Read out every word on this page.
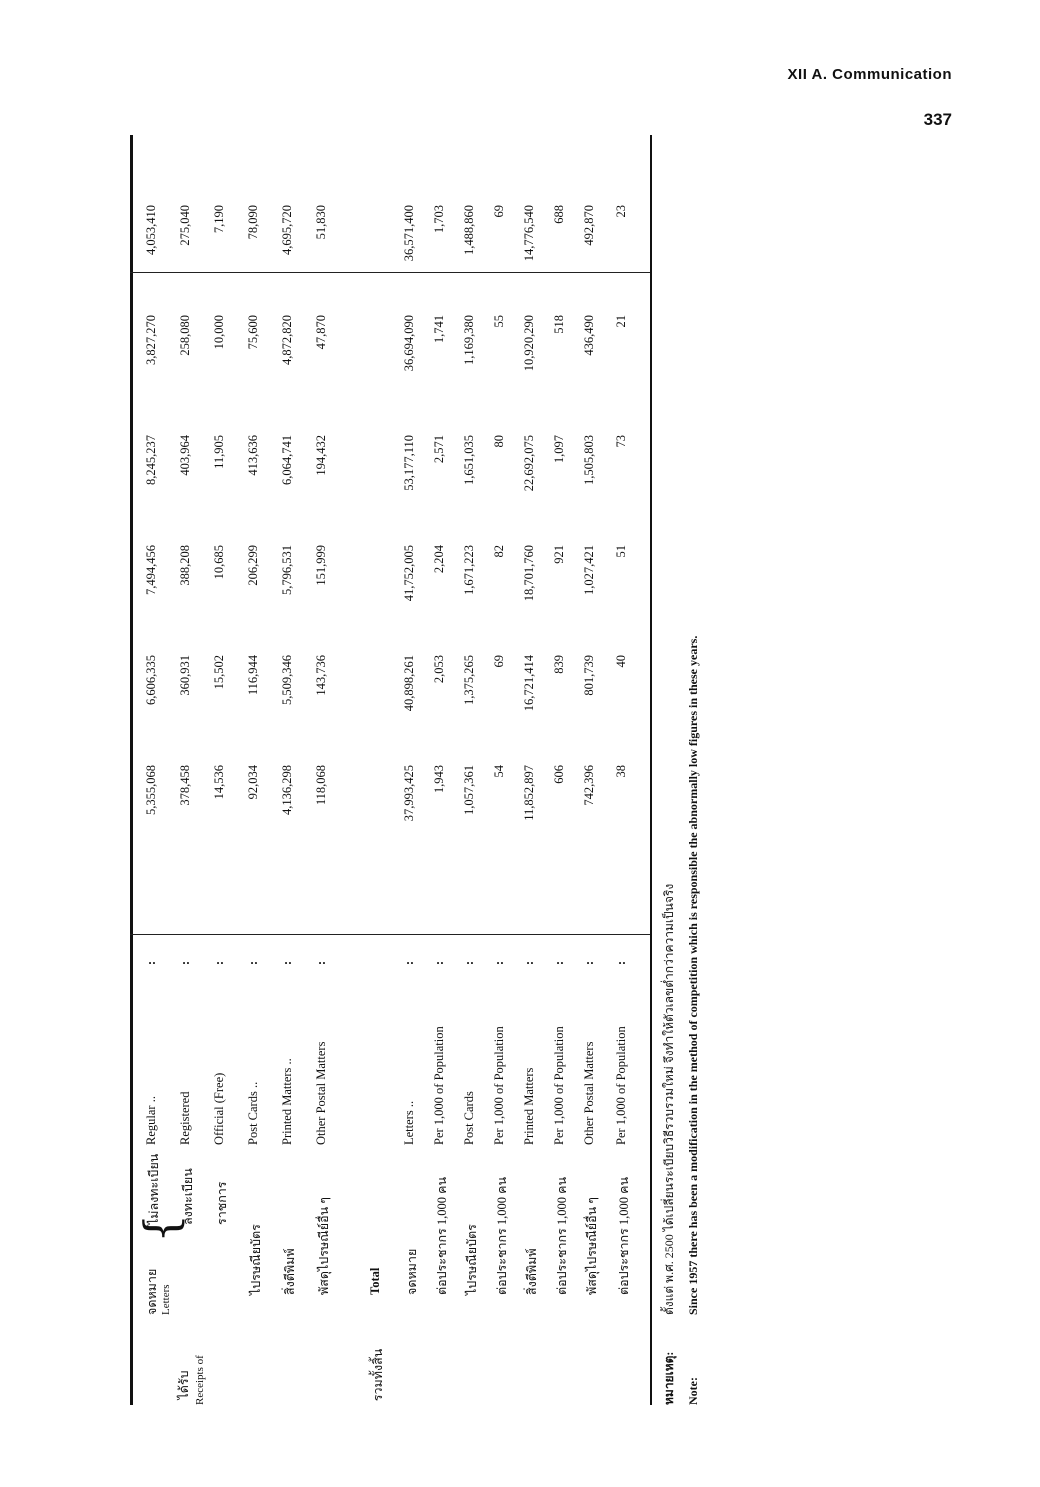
XII A. Communication
337
ได้รับ Receipts of	รวมทั้งสิ้น
จดหมาย Letters
{
ไม่ลงทะเบียน
Regular ..
5,355,068
6,606,335
7,494,456
8,245,237
3,827,270
4,053,410
:
ลงทะเบียน
Registered
378,458
360,931
388,208
403,964
258,080
275,040
:
ราชการ
Official (Free)
14,536
15,502
10,685
11,905
10,000
7,190
:
ไปรษณียบัตร
Post Cards ..
92,034
116,944
206,299
413,636
75,600
78,090
:
สิ่งตีพิมพ์
Printed Matters ..
4,136,298
5,509,346
5,796,531
6,064,741
4,872,820
4,695,720
:
พัสดุไปรษณีย์อื่น ๆ
Other Postal Matters
118,068
143,736
151,999
194,432
47,870
51,830
:
Total จดหมาย
Letters ..
37,993,425
40,898,261
41,752,005
53,177,110
36,694,090
36,571,400
:
ต่อประชากร 1,000 คน
Per 1,000 of Population
1,943
2,053
2,204
2,571
1,741
1,703
:
ไปรษณียบัตร
Post Cards
1,057,361
1,375,265
1,671,223
1,651,035
1,169,380
1,488,860
:
ต่อประชากร 1,000 คน
Per 1,000 of Population
54
69
82
80
55
69
:
สิ่งตีพิมพ์
Printed Matters
11,852,897
16,721,414
18,701,760
22,692,075
10,920,290
14,776,540
:
ต่อประชากร 1,000 คน
Per 1,000 of Population
606
839
921
1,097
518
688
:
พัสดุไปรษณีย์อื่น ๆ
Other Postal Matters
742,396
801,739
1,027,421
1,505,803
436,490
492,870
:
ต่อประชากร 1,000 คน
Per 1,000 of Population
38
40
51
73
21
23
:
หมายเหตุ:
ตั้งแต่ พ.ศ. 2500 ได้เปลี่ยนระเบียบวิธีรวบรวมใหม่ จึงทำให้ตัวเลขต่ำกว่าความเป็นจริง
Note:
Since 1957 there has been a modification in the method of competition which is responsible the abnormally low figures in these years.
